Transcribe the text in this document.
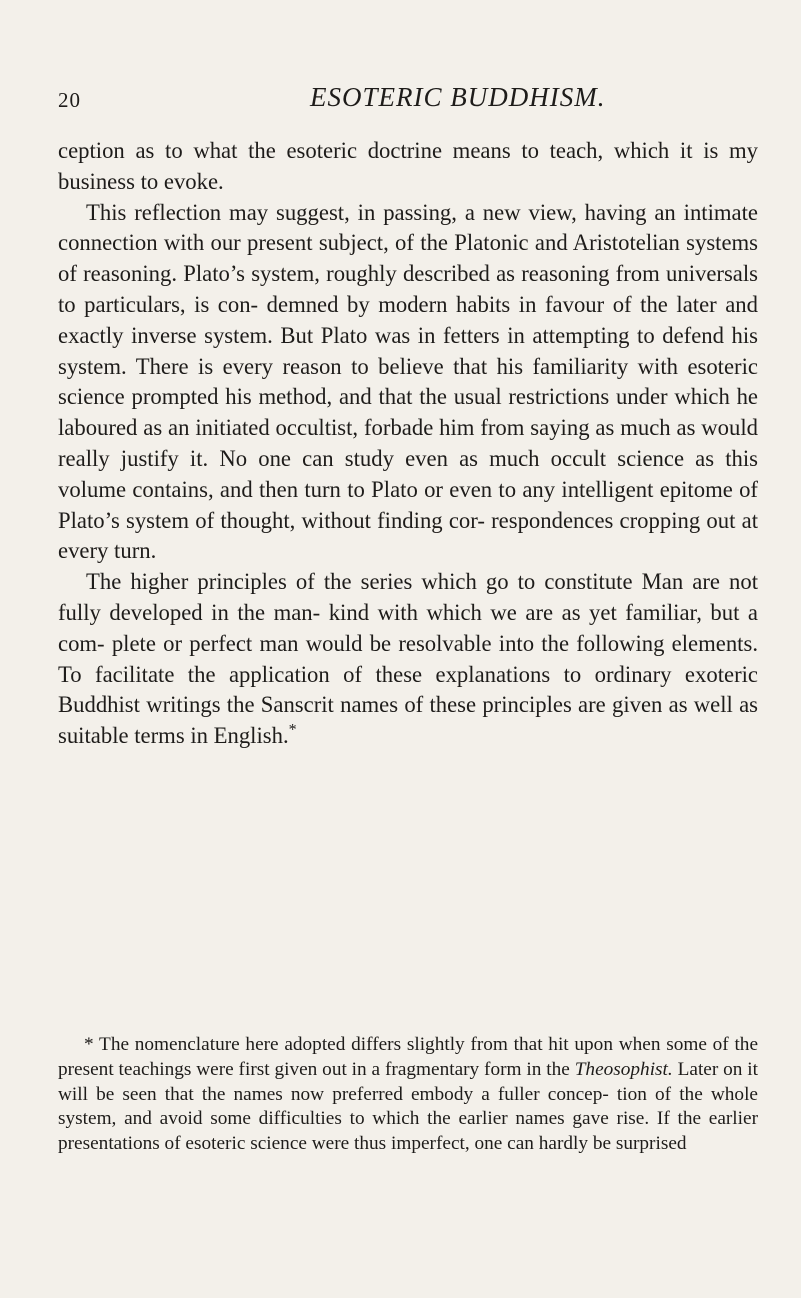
20	ESOTERIC BUDDHISM.

ception as to what the esoteric doctrine means to teach, which it is my business to evoke.

This reflection may suggest, in passing, a new view, having an intimate connection with our present subject, of the Platonic and Aristotelian systems of reasoning. Plato’s system, roughly described as reasoning from universals to particulars, is con- demned by modern habits in favour of the later and exactly inverse system. But Plato was in fetters in attempting to defend his system. There is every reason to believe that his familiarity with esoteric science prompted his method, and that the usual restrictions under which he laboured as an initiated occultist, forbade him from saying as much as would really justify it. No one can study even as much occult science as this volume contains, and then turn to Plato or even to any intelligent epitome of Plato’s system of thought, without finding cor- respondences cropping out at every turn.

The higher principles of the series which go to constitute Man are not fully developed in the man- kind with which we are as yet familiar, but a com- plete or perfect man would be resolvable into the following elements. To facilitate the application of these explanations to ordinary exoteric Buddhist writings the Sanscrit names of these principles are given as well as suitable terms in English.*

* The nomenclature here adopted differs slightly from that hit upon when some of the present teachings were first given out in a fragmentary form in the Theosophist. Later on it will be seen that the names now preferred embody a fuller concep- tion of the whole system, and avoid some difficulties to which the earlier names gave rise. If the earlier presentations of esoteric science were thus imperfect, one can hardly be surprised
